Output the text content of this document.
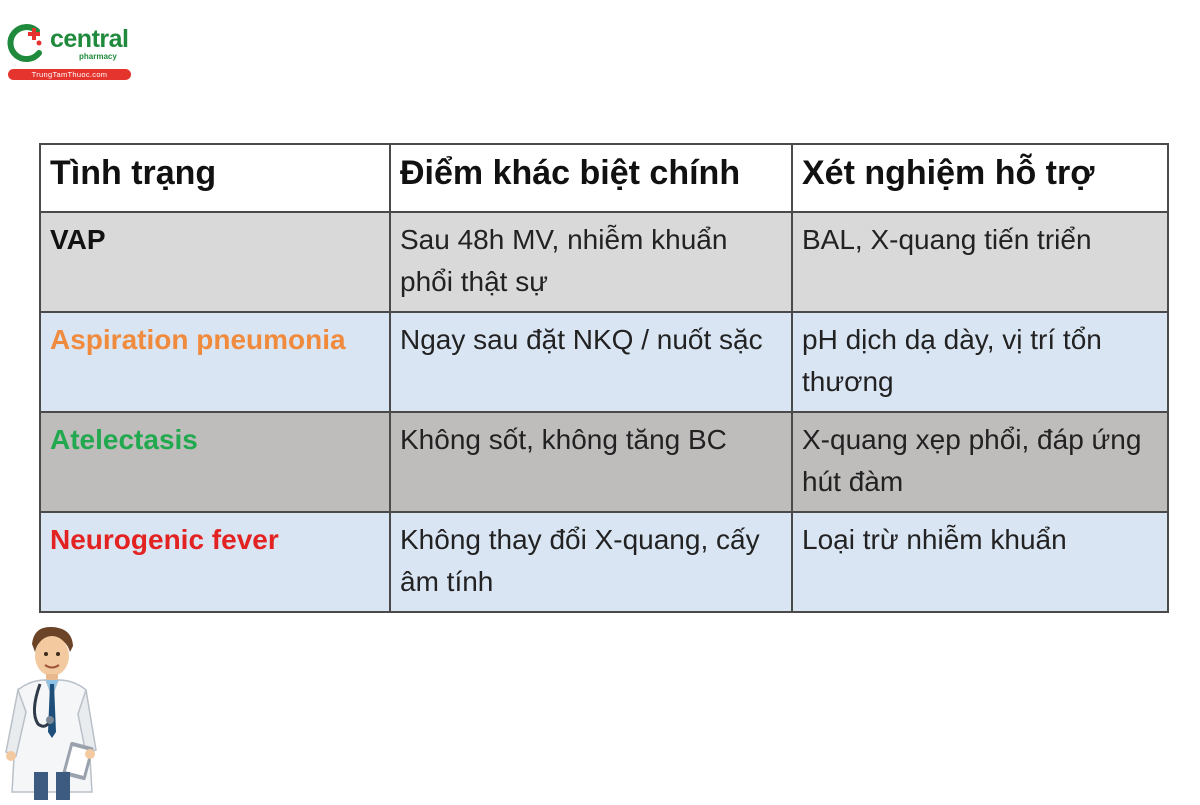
central
pharmacy
TrungTamThuoc.com
Tình trạng	Điểm khác biệt chính	Xét nghiệm hỗ trợ
VAP	Sau 48h MV, nhiễm khuẩn phổi thật sự	BAL, X-quang tiến triển
Aspiration pneumonia	Ngay sau đặt NKQ / nuốt sặc	pH dịch dạ dày, vị trí tổn thương
Atelectasis	Không sốt, không tăng BC	X-quang xẹp phổi, đáp ứng hút đàm
Neurogenic fever	Không thay đổi X-quang, cấy âm tính	Loại trừ nhiễm khuẩn
